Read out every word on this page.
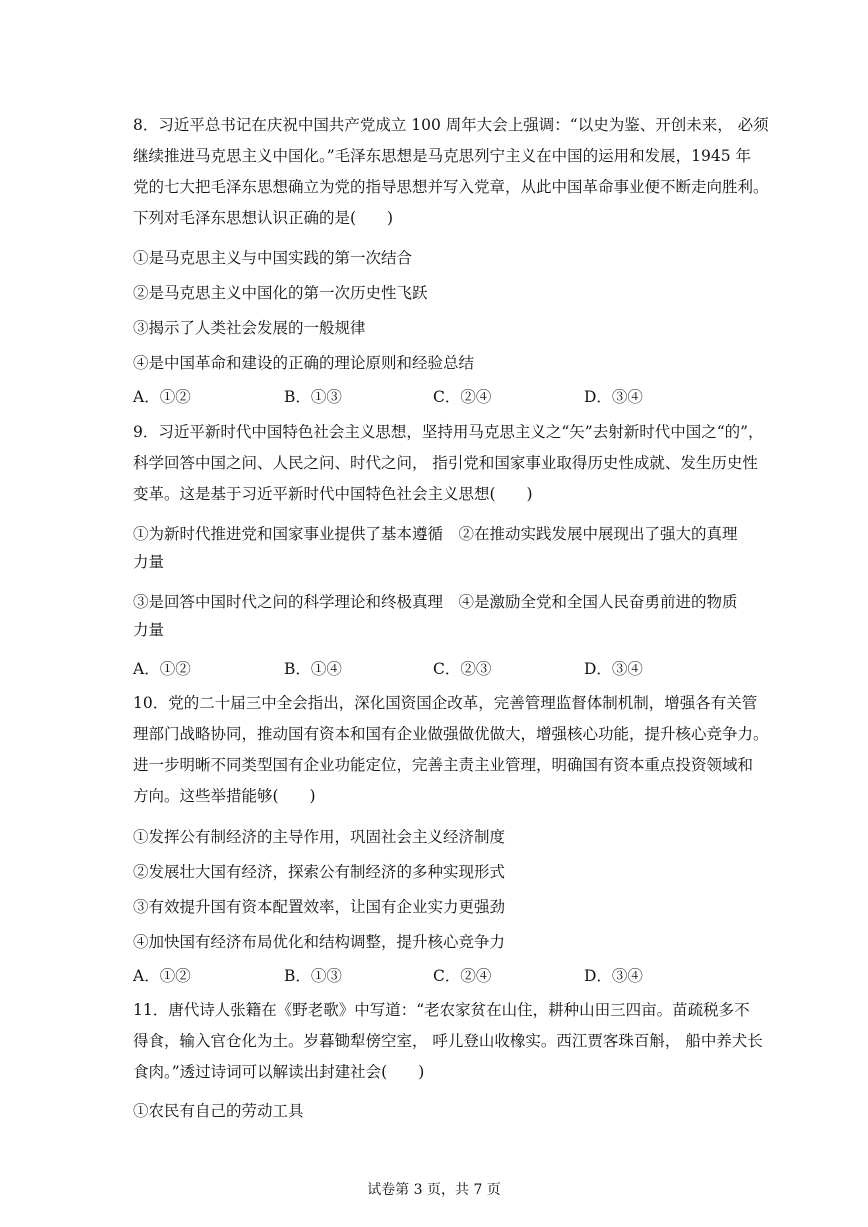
8．习近平总书记在庆祝中国共产党成立 100 周年大会上强调：“以史为鉴、开创未来， 必须
继续推进马克思主义中国化。”毛泽东思想是马克思列宁主义在中国的运用和发展，1945 年
党的七大把毛泽东思想确立为党的指导思想并写入党章，从此中国革命事业便不断走向胜利。
下列对毛泽东思想认识正确的是(　　)
①是马克思主义与中国实践的第一次结合
②是马克思主义中国化的第一次历史性飞跃
③揭示了人类社会发展的一般规律
④是中国革命和建设的正确的理论原则和经验总结
A．①②	B．①③	C．②④	D．③④
9．习近平新时代中国特色社会主义思想，坚持用马克思主义之“矢”去射新时代中国之“的”，
科学回答中国之问、人民之问、时代之问， 指引党和国家事业取得历史性成就、发生历史性
变革。这是基于习近平新时代中国特色社会主义思想(　　)
①为新时代推进党和国家事业提供了基本遵循　②在推动实践发展中展现出了强大的真理
力量
③是回答中国时代之问的科学理论和终极真理　④是激励全党和全国人民奋勇前进的物质
力量
A．①②	B．①④	C．②③	D．③④
10．党的二十届三中全会指出，深化国资国企改革，完善管理监督体制机制，增强各有关管
理部门战略协同，推动国有资本和国有企业做强做优做大，增强核心功能，提升核心竞争力。
进一步明晰不同类型国有企业功能定位，完善主责主业管理，明确国有资本重点投资领域和
方向。这些举措能够(　　)
①发挥公有制经济的主导作用，巩固社会主义经济制度
②发展壮大国有经济，探索公有制经济的多种实现形式
③有效提升国有资本配置效率，让国有企业实力更强劲
④加快国有经济布局优化和结构调整，提升核心竞争力
A．①②	B．①③	C．②④	D．③④
11．唐代诗人张籍在《野老歌》中写道：“老农家贫在山住，耕种山田三四亩。苗疏税多不
得食，输入官仓化为土。岁暮锄犁傍空室， 呼儿登山收橡实。西江贾客珠百斛， 船中养犬长
食肉。”透过诗词可以解读出封建社会(　　)
①农民有自己的劳动工具
试卷第 3 页，共 7 页
